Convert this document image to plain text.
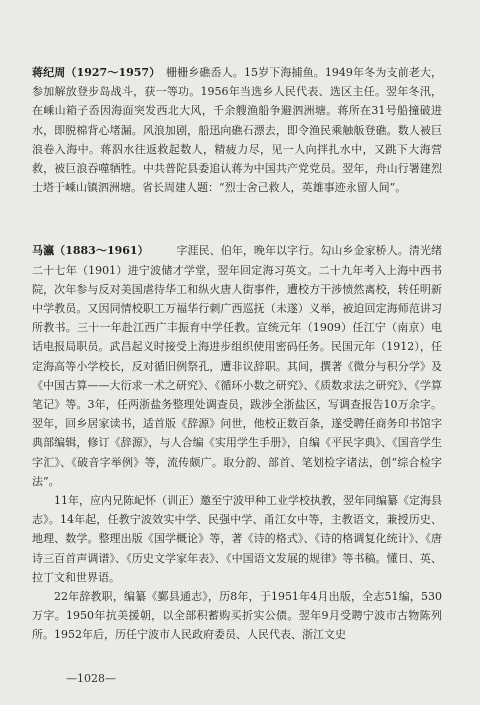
蒋纪周（1927～1957）　 栅栅乡礁岙人。15岁下海捕鱼。1949年冬为支前老大，参加解放登步岛战斗，获一等功。1956年当选乡人民代表、选区主任。翌年冬汛，在嵊山箱子岙因海面突发西北大风，千余艘渔船争避泗洲塘。蒋所在31号船撞破进水，即脱棉背心堵漏。风浪加剧，船迅向礁石漂去，即令渔民乘触舨登礁。数人被巨浪卷入海中。蒋泅水往返救起数人，精疲力尽，见一人向拌扎水中，又跳下大海营救，被巨浪吞噬牺牲。中共普陀县委追认蒋为中国共产党党员。翌年，舟山行署建烈士塔于嵊山镇泗洲塘。省长周建人题：“烈士舍己救人，英雄事迹永留人间”。

马瀛（1883～1961）　　　	字涯民、伯年，晚年以字行。勾山乡金家桥人。清光绪二十七年（1901）进宁波储才学堂，翌年回定海习英文。二十九年考入上海中西书院，次年参与反对美国虐待华工和纵火唐人街事件，遭校方干涉愤然离校，转任明新中学教员。又因同情校职工万福华行刺广西巡抚（未遂）义举，被迫回定海师范讲习所教书。三十一年赴江西广丰振育中学任教。宣统元年（1909）任江宁（南京）电话电报局职员。武昌起义时接受上海进步组织使用密码任务。民国元年（1912），任定海高等小学校长，反对循旧例祭孔，遭非议辞职。其间，撰著《微分与积分学》及《中国古算——大衍求一术之研究》、《循环小数之研究》、《质数求法之研究》、《学算笔记》等。3年，任两浙盐务整理处调查员，跋涉全浙盐区，写调查报告10万余字。翌年，回乡居家读书，适首版《辞源》问世，他校正数百条，遂受聘任商务印书馆字典部编辑，修订《辞源》，与人合编《实用学生手册》，自编《平民字典》、《国音学生字汇》、《破音字举例》等，流传颇广。取分韵、部首、笔划检字诸法，创“综合检字法”。

11年，应内兄陈屺怀（训正）邀至宁波甲种工业学校执教，翌年同编纂《定海县志》。14年起，任教宁波效实中学、民强中学、甬江女中等，主教语文，兼授历史、地理、数学。整理出版《国学概论》等，著《诗的格式》、《诗的格调复化统计》、《唐诗三百首声调谱》、《历史文学家年表》、《中国语文发展的规律》等书稿。懂日、英、拉丁文和世界语。

22年辞教职，编纂《鄞县通志》，历8年，于1951年4月出版，全志51编，530万字。1950年抗美援朝，以全部积蓄购买折实公债。翌年9月受聘宁波市古物陈列所。1952年后，历任宁波市人民政府委员、人民代表、浙江文史

—1028—
